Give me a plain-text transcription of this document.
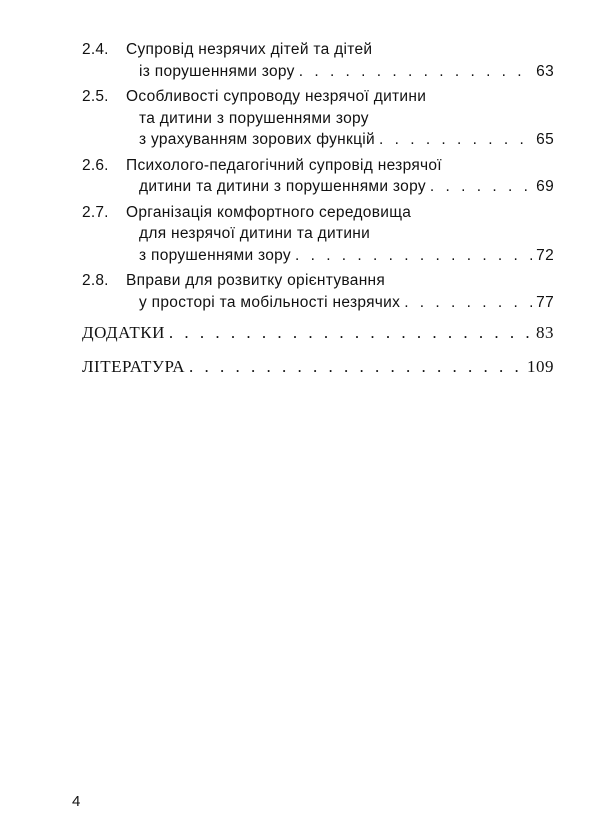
2.4.	Супровід незрячих дітей та дітей
із порушеннями зору . . .	63
2.5.	Особливості супроводу незрячої дитини
та дитини з порушеннями зору
з урахуванням зорових функцій . . .	65
2.6.	Психолого-педагогічний супровід незрячої
дитини та дитини з порушеннями зору . . .	69
2.7.	Організація комфортного середовища
для незрячої дитини та дитини
з порушеннями зору . . .	72
2.8.	Вправи для розвитку орієнтування
у просторі та мобільності незрячих . . .	77
ДОДАТКИ . . .	83
ЛІТЕРАТУРА . . .	109
4
